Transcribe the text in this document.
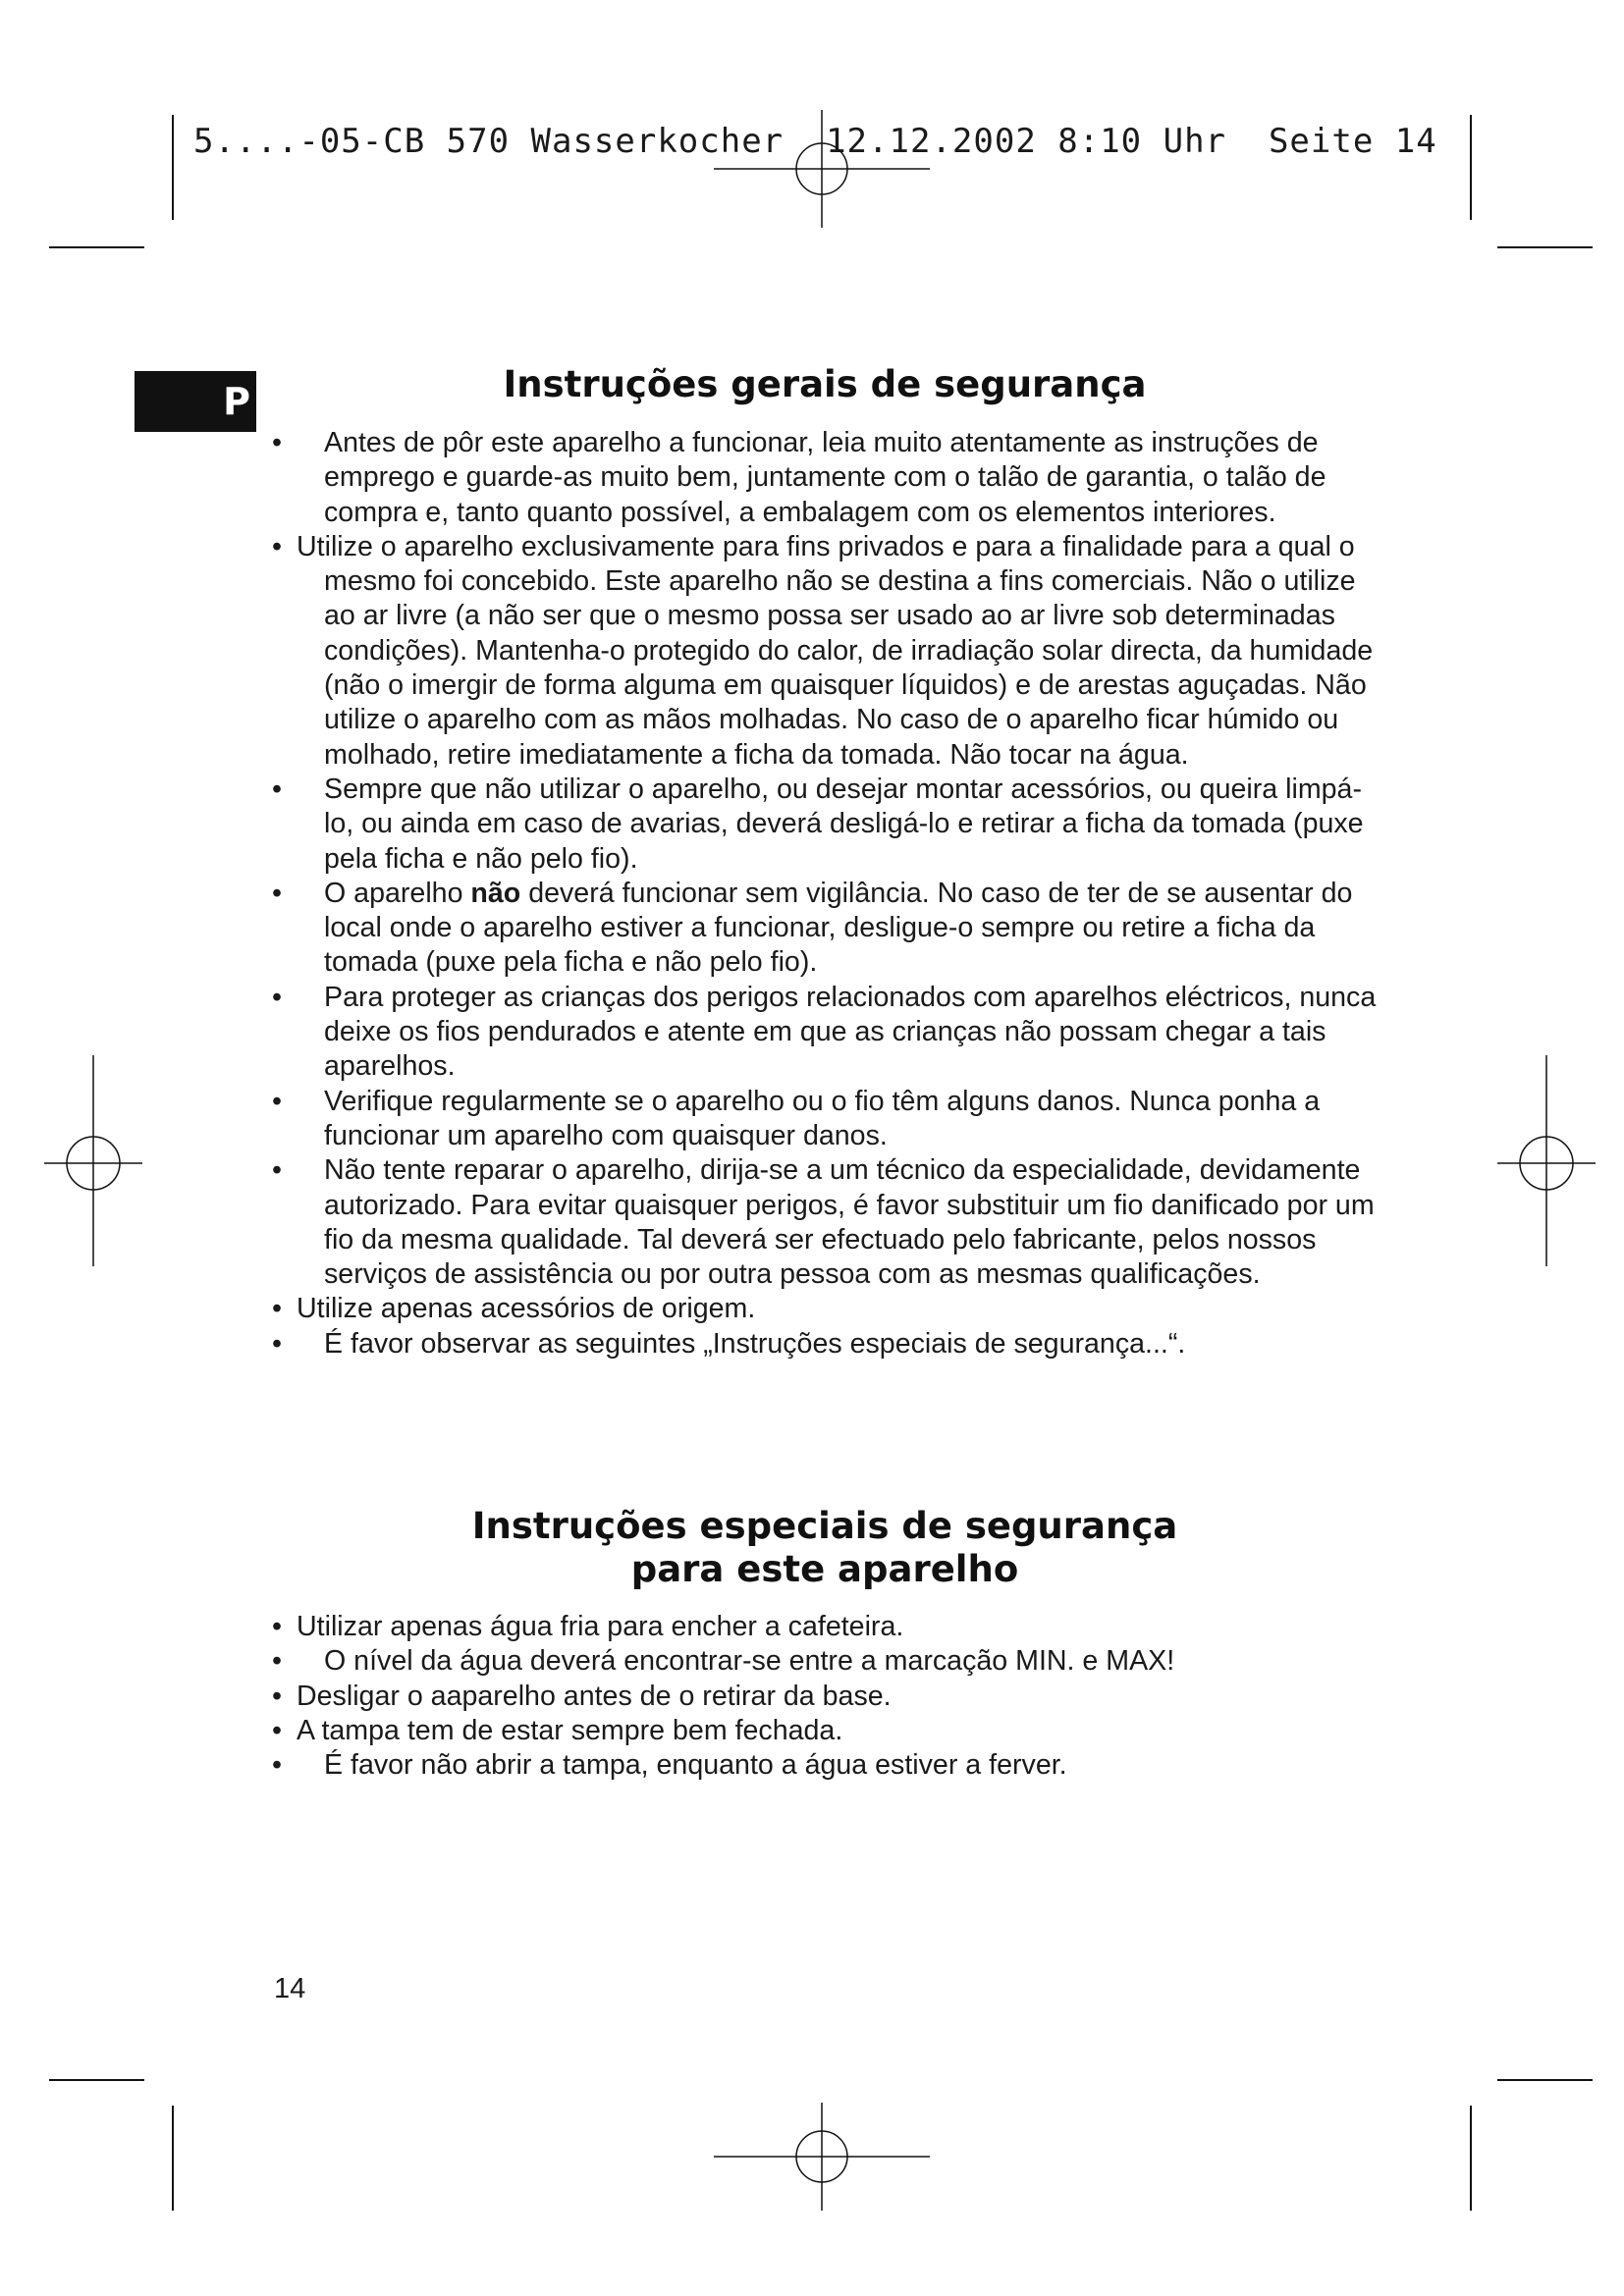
5....-05-CB 570 Wasserkocher  12.12.2002 8:10 Uhr  Seite 14
P	Instruções gerais de segurança
• Antes de pôr este aparelho a funcionar, leia muito atentamente as instruções de emprego e guarde-as muito bem, juntamente com o talão de garantia, o talão de compra e, tanto quanto possível, a embalagem com os elementos interiores.
• Utilize o aparelho exclusivamente para fins privados e para a finalidade para a qual o mesmo foi concebido. Este aparelho não se destina a fins comerciais. Não o utilize ao ar livre (a não ser que o mesmo possa ser usado ao ar livre sob determinadas condições). Mantenha-o protegido do calor, de irradiação solar directa, da humidade (não o imergir de forma alguma em quaisquer líquidos) e de arestas aguçadas. Não utilize o aparelho com as mãos molhadas. No caso de o aparelho ficar húmido ou molhado, retire imediatamente a ficha da tomada. Não tocar na água.
• Sempre que não utilizar o aparelho, ou desejar montar acessórios, ou queira limpá-lo, ou ainda em caso de avarias, deverá desligá-lo e retirar a ficha da tomada (puxe pela ficha e não pelo fio).
• O aparelho não deverá funcionar sem vigilância. No caso de ter de se ausentar do local onde o aparelho estiver a funcionar, desligue-o sempre ou retire a ficha da tomada (puxe pela ficha e não pelo fio).
• Para proteger as crianças dos perigos relacionados com aparelhos eléctricos, nunca deixe os fios pendurados e atente em que as crianças não possam chegar a tais aparelhos.
• Verifique regularmente se o aparelho ou o fio têm alguns danos. Nunca ponha a funcionar um aparelho com quaisquer danos.
• Não tente reparar o aparelho, dirija-se a um técnico da especialidade, devidamente autorizado. Para evitar quaisquer perigos, é favor substituir um fio danificado por um fio da mesma qualidade. Tal deverá ser efectuado pelo fabricante, pelos nossos serviços de assistência ou por outra pessoa com as mesmas qualificações.
• Utilize apenas acessórios de origem.
• É favor observar as seguintes „Instruções especiais de segurança...“.
Instruções especiais de segurança
para este aparelho
• Utilizar apenas água fria para encher a cafeteira.
• O nível da água deverá encontrar-se entre a marcação MIN. e MAX!
• Desligar o aaparelho antes de o retirar da base.
• A tampa tem de estar sempre bem fechada.
• É favor não abrir a tampa, enquanto a água estiver a ferver.
14
